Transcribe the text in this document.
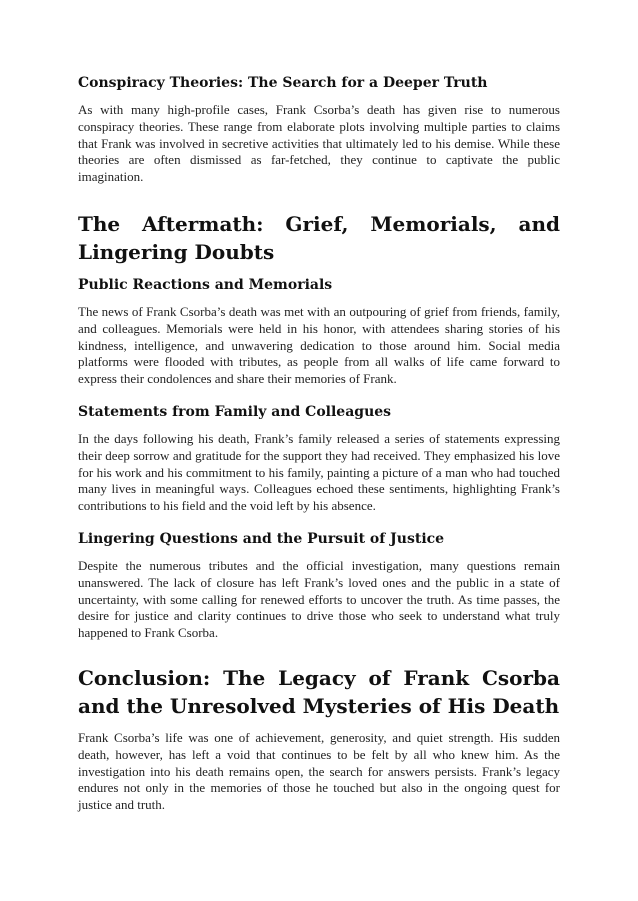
Conspiracy Theories: The Search for a Deeper Truth

As with many high-profile cases, Frank Csorba’s death has given rise to numerous conspiracy theories. These range from elaborate plots involving multiple parties to claims that Frank was involved in secretive activities that ultimately led to his demise. While these theories are often dismissed as far-fetched, they continue to captivate the public imagination.

The Aftermath: Grief, Memorials, and Lingering Doubts
Public Reactions and Memorials

The news of Frank Csorba’s death was met with an outpouring of grief from friends, family, and colleagues. Memorials were held in his honor, with attendees sharing stories of his kindness, intelligence, and unwavering dedication to those around him. Social media platforms were flooded with tributes, as people from all walks of life came forward to express their condolences and share their memories of Frank.

Statements from Family and Colleagues

In the days following his death, Frank’s family released a series of statements expressing their deep sorrow and gratitude for the support they had received. They emphasized his love for his work and his commitment to his family, painting a picture of a man who had touched many lives in meaningful ways. Colleagues echoed these sentiments, highlighting Frank’s contributions to his field and the void left by his absence.

Lingering Questions and the Pursuit of Justice

Despite the numerous tributes and the official investigation, many questions remain unanswered. The lack of closure has left Frank’s loved ones and the public in a state of uncertainty, with some calling for renewed efforts to uncover the truth. As time passes, the desire for justice and clarity continues to drive those who seek to understand what truly happened to Frank Csorba.

Conclusion: The Legacy of Frank Csorba and the Unresolved Mysteries of His Death

Frank Csorba’s life was one of achievement, generosity, and quiet strength. His sudden death, however, has left a void that continues to be felt by all who knew him. As the investigation into his death remains open, the search for answers persists. Frank’s legacy endures not only in the memories of those he touched but also in the ongoing quest for justice and truth.
